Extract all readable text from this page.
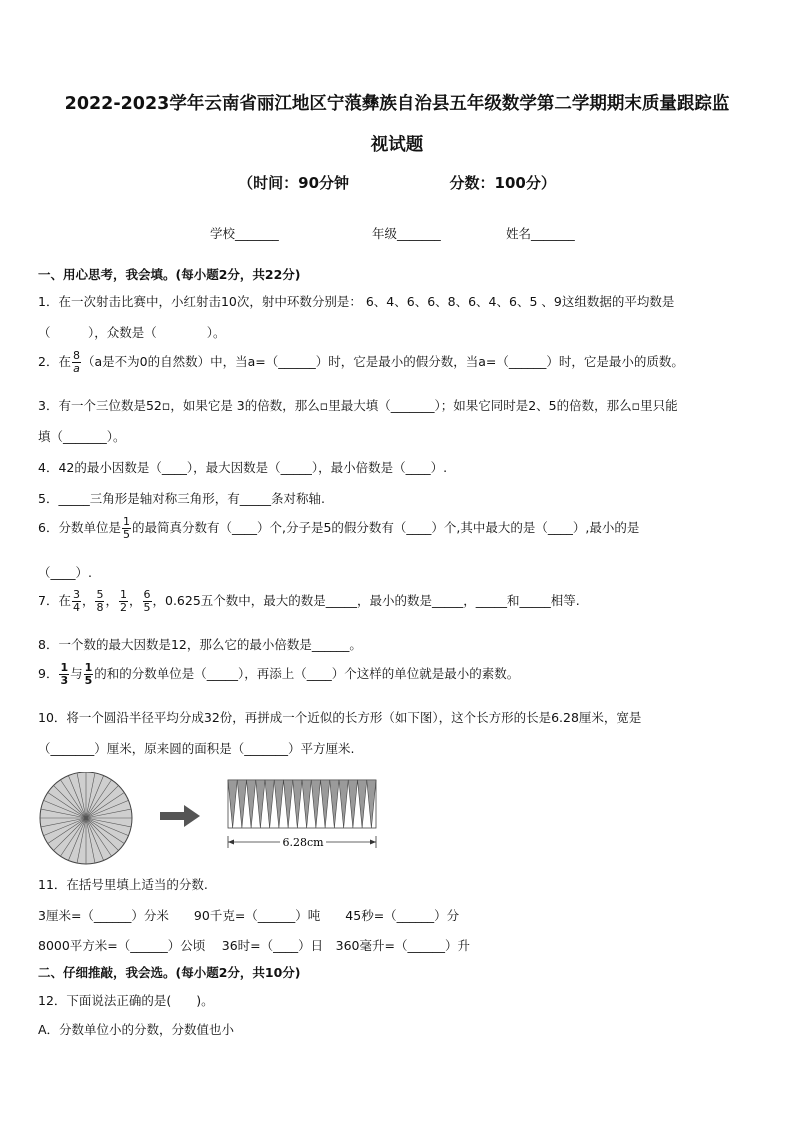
2022-2023学年云南省丽江地区宁蒗彝族自治县五年级数学第二学期期末质量跟踪监
视试题
（时间：90分钟	分数：100分）
学校_______	年级_______	姓名_______
一、用心思考，我会填。(每小题2分，共22分)
1．在一次射击比赛中，小红射击10次，射中环数分别是： 6、4、6、6、8、6、4、6、5 、9这组数据的平均数是
（　　　），众数是（　　　　）。
2．在 $\frac{8}{a} (a$是不为0的自然数）中，当a=（______）时，它是最小的假分数，当a=（______）时，它是最小的质数。
3．有一个三位数是52▫，如果它是 3的倍数，那么▫里最大填（_______）；如果它同时是2、5的倍数，那么▫里只能
填（_______）。
4．42的最小因数是（____），最大因数是（_____），最小倍数是（____）.
5．_____三角形是轴对称三角形，有_____条对称轴.
6．分数单位是 $\frac{1}{5}$ 的最简真分数有（____）个,分子是5的假分数有（____）个,其中最大的是（____）,最小的是
（____）.
7．在 $\frac{3}{4}$ ， $\frac{5}{8}$ ， $\frac{1}{2}$ ， $\frac{6}{5}$ ，0.625五个数中，最大的数是_____，最小的数是_____，_____和_____相等.
8．一个数的最大因数是12，那么它的最小倍数是______。
9． $\frac{1}{3}$ 与 $\frac{1}{5}$ 的和的分数单位是（_____），再添上（____）个这样的单位就是最小的素数。
10．将一个圆沿半径平均分成32份，再拼成一个近似的长方形（如下图），这个长方形的长是6.28厘米，宽是
（_______）厘米，原来圆的面积是（_______）平方厘米.
6.28cm
11．在括号里填上适当的分数.
3厘米=（______）分米　　90千克=（______）吨　　45秒=（______）分
8000平方米=（______）公顷　 36时=（____）日　360毫升=（______）升
二、仔细推敲，我会选。(每小题2分，共10分)
12．下面说法正确的是(　　)。
A．分数单位小的分数，分数值也小
